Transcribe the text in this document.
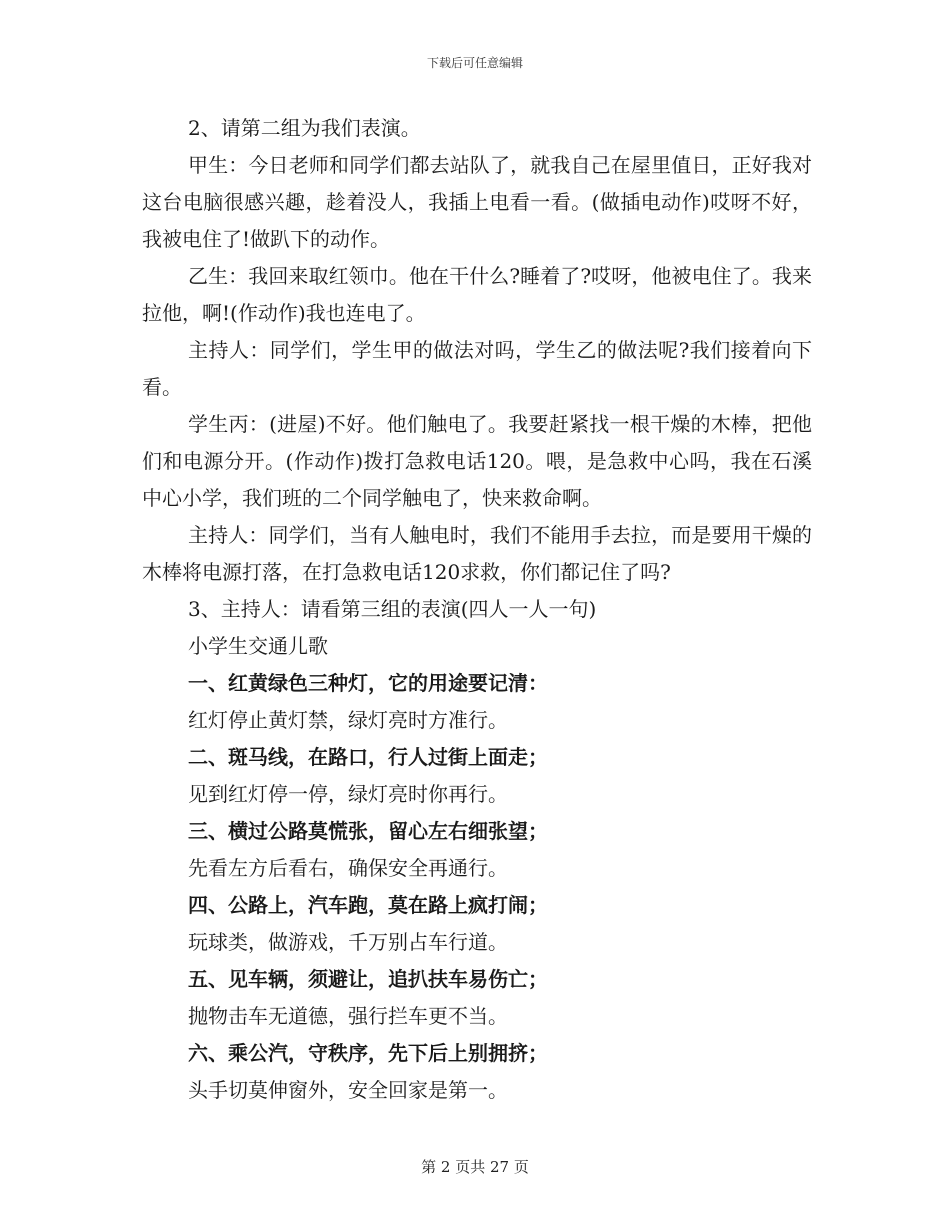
下载后可任意编辑

2、请第二组为我们表演。

甲生：今日老师和同学们都去站队了，就我自己在屋里值日，正好我对这台电脑很感兴趣，趁着没人，我插上电看一看。(做插电动作)哎呀不好，我被电住了!做趴下的动作。

乙生：我回来取红领巾。他在干什么?睡着了?哎呀，他被电住了。我来拉他，啊!(作动作)我也连电了。

主持人：同学们，学生甲的做法对吗，学生乙的做法呢?我们接着向下看。

学生丙：(进屋)不好。他们触电了。我要赶紧找一根干燥的木棒，把他们和电源分开。(作动作)拨打急救电话120。喂，是急救中心吗，我在石溪中心小学，我们班的二个同学触电了，快来救命啊。

主持人：同学们，当有人触电时，我们不能用手去拉，而是要用干燥的木棒将电源打落，在打急救电话120求救，你们都记住了吗?

3、主持人：请看第三组的表演(四人一人一句)

小学生交通儿歌

一、红黄绿色三种灯，它的用途要记清：

红灯停止黄灯禁，绿灯亮时方准行。

二、斑马线，在路口，行人过街上面走；

见到红灯停一停，绿灯亮时你再行。

三、横过公路莫慌张，留心左右细张望；

先看左方后看右，确保安全再通行。

四、公路上，汽车跑，莫在路上疯打闹；

玩球类，做游戏，千万别占车行道。

五、见车辆，须避让，追扒扶车易伤亡；

抛物击车无道德，强行拦车更不当。

六、乘公汽，守秩序，先下后上别拥挤；

头手切莫伸窗外，安全回家是第一。

第 2 页共 27 页
